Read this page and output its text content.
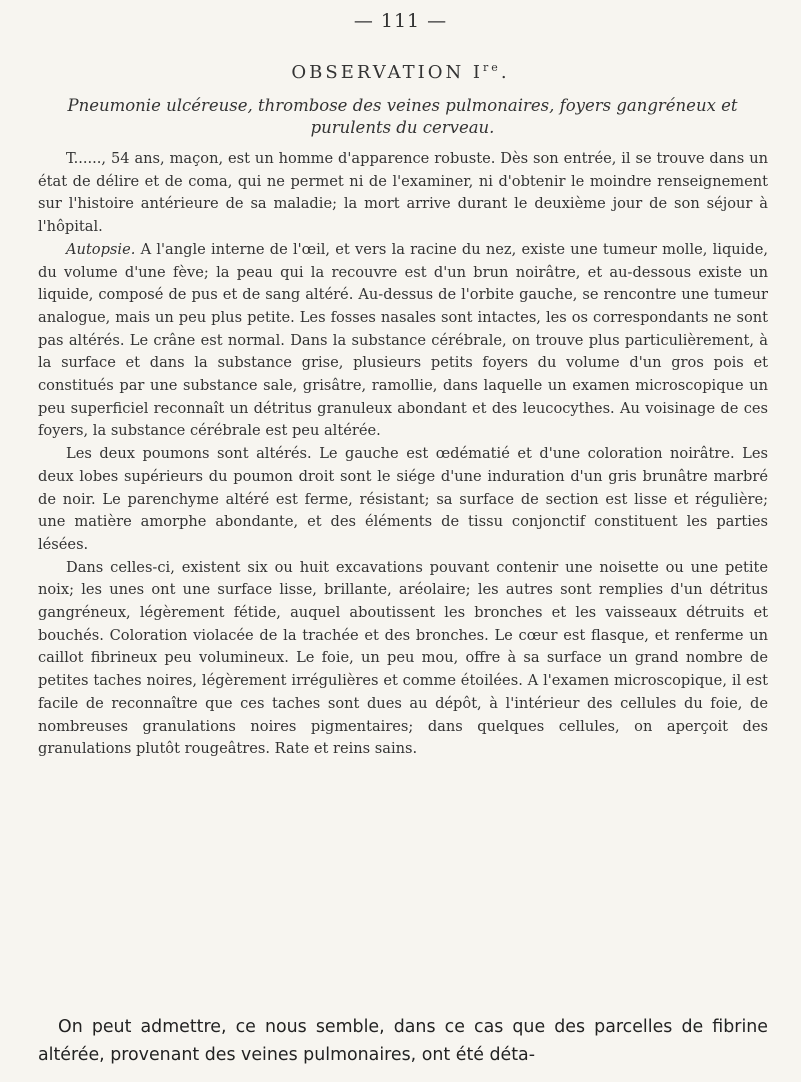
— 111 —
OBSERVATION Ire.
Pneumonie ulcéreuse, thrombose des veines pulmonaires, foyers gangréneux et purulents du cerveau.

T......, 54 ans, maçon, est un homme d'apparence robuste. Dès son entrée, il se trouve dans un état de délire et de coma, qui ne permet ni de l'examiner, ni d'obtenir le moindre renseignement sur l'histoire antérieure de sa maladie; la mort arrive durant le deuxième jour de son séjour à l'hôpital.

Autopsie. A l'angle interne de l'œil, et vers la racine du nez, existe une tumeur molle, liquide, du volume d'une fève; la peau qui la recouvre est d'un brun noirâtre, et au-dessous existe un liquide, composé de pus et de sang altéré. Au-dessus de l'orbite gauche, se rencontre une tumeur analogue, mais un peu plus petite. Les fosses nasales sont intactes, les os correspondants ne sont pas altérés. Le crâne est normal. Dans la substance cérébrale, on trouve plus particulièrement, à la surface et dans la substance grise, plusieurs petits foyers du volume d'un gros pois et constitués par une substance sale, grisâtre, ramollie, dans laquelle un examen microscopique un peu superficiel reconnaît un détritus granuleux abondant et des leucocythes. Au voisinage de ces foyers, la substance cérébrale est peu altérée.

Les deux poumons sont altérés. Le gauche est œdématié et d'une coloration noirâtre. Les deux lobes supérieurs du poumon droit sont le siége d'une induration d'un gris brunâtre marbré de noir. Le parenchyme altéré est ferme, résistant; sa surface de section est lisse et régulière; une matière amorphe abondante, et des éléments de tissu conjonctif constituent les parties lésées.

Dans celles-ci, existent six ou huit excavations pouvant contenir une noisette ou une petite noix; les unes ont une surface lisse, brillante, aréolaire; les autres sont remplies d'un détritus gangréneux, légèrement fétide, auquel aboutissent les bronches et les vaisseaux détruits et bouchés. Coloration violacée de la trachée et des bronches. Le cœur est flasque, et renferme un caillot fibrineux peu volumineux. Le foie, un peu mou, offre à sa surface un grand nombre de petites taches noires, légèrement irrégulières et comme étoilées. A l'examen microscopique, il est facile de reconnaître que ces taches sont dues au dépôt, à l'intérieur des cellules du foie, de nombreuses granulations noires pigmentaires; dans quelques cellules, on aperçoit des granulations plutôt rougeâtres. Rate et reins sains.

On peut admettre, ce nous semble, dans ce cas que des parcelles de fibrine altérée, provenant des veines pulmonaires, ont été déta-
